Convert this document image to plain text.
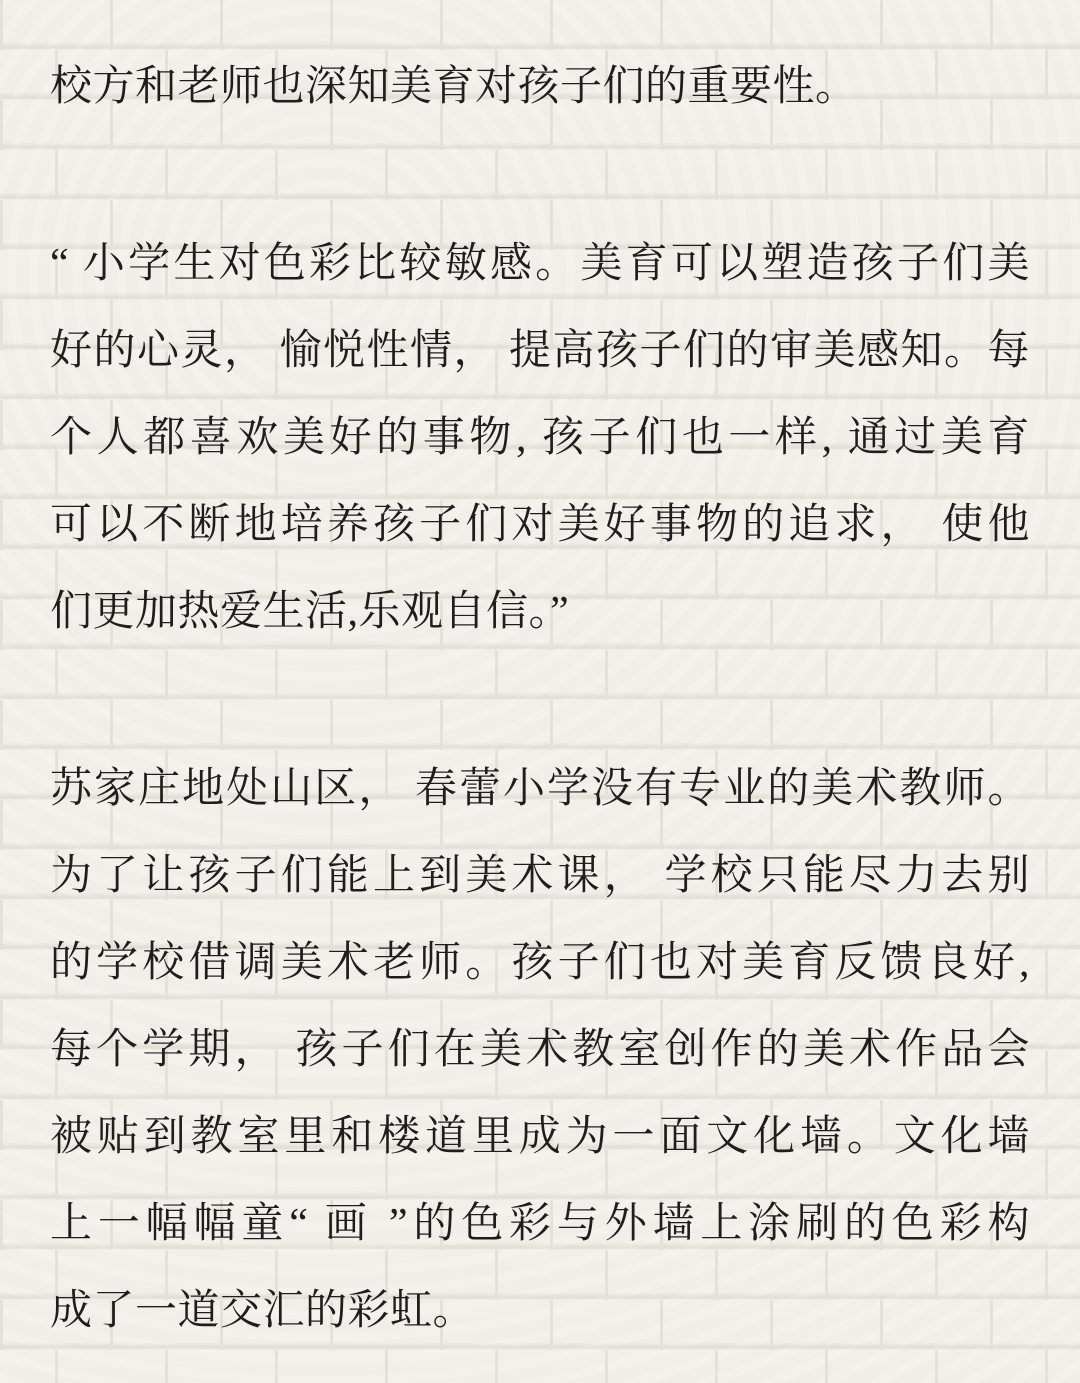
校方和老师也深知美育对孩子们的重要性。
“ 小学生对色彩比较敏感。美育可以塑造孩子们美
好的心灵， 愉悦性情， 提高孩子们的审美感知。每
个人都喜欢美好的事物, 孩子们也一样, 通过美育
可以不断地培养孩子们对美好事物的追求， 使他
们更加热爱生活,乐观自信。”
苏家庄地处山区， 春蕾小学没有专业的美术教师。
为了让孩子们能上到美术课， 学校只能尽力去别
的学校借调美术老师。孩子们也对美育反馈良好,
每个学期， 孩子们在美术教室创作的美术作品会
被贴到教室里和楼道里成为一面文化墙。文化墙
上一幅幅童“ 画 ”的色彩与外墙上涂刷的色彩构
成了一道交汇的彩虹。
